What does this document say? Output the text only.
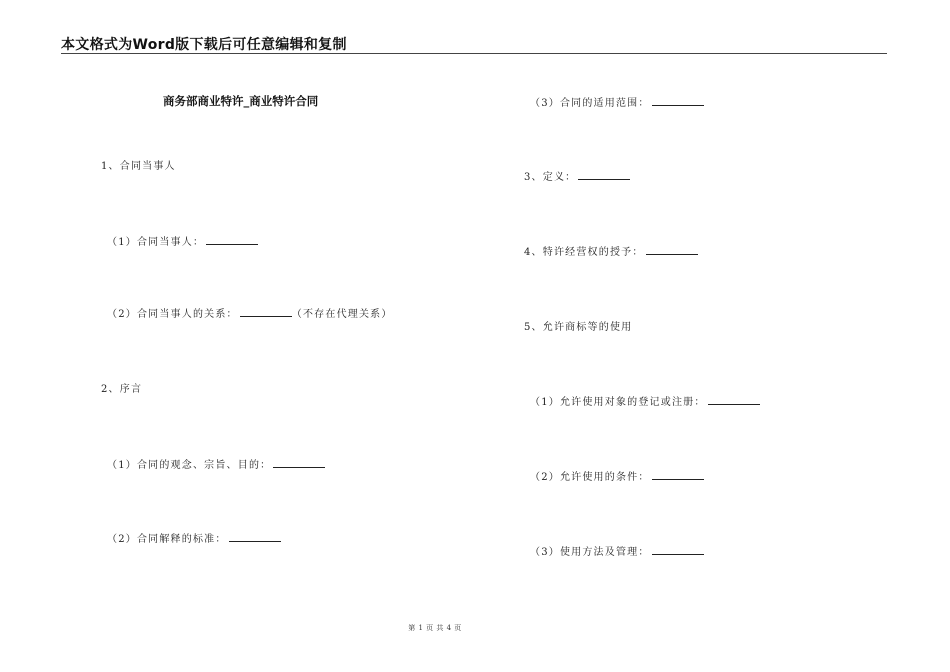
本文格式为Word版下载后可任意编辑和复制
商务部商业特许_商业特许合同
1、合同当事人
（1）合同当事人：
（2）合同当事人的关系：	（不存在代理关系）
2、序言
（1）合同的观念、宗旨、目的：
（2）合同解释的标准：
（3）合同的适用范围：
3、定义：
4、特许经营权的授予：
5、允许商标等的使用
（1）允许使用对象的登记或注册：
（2）允许使用的条件：
（3）使用方法及管理：
第 1 页 共 4 页
